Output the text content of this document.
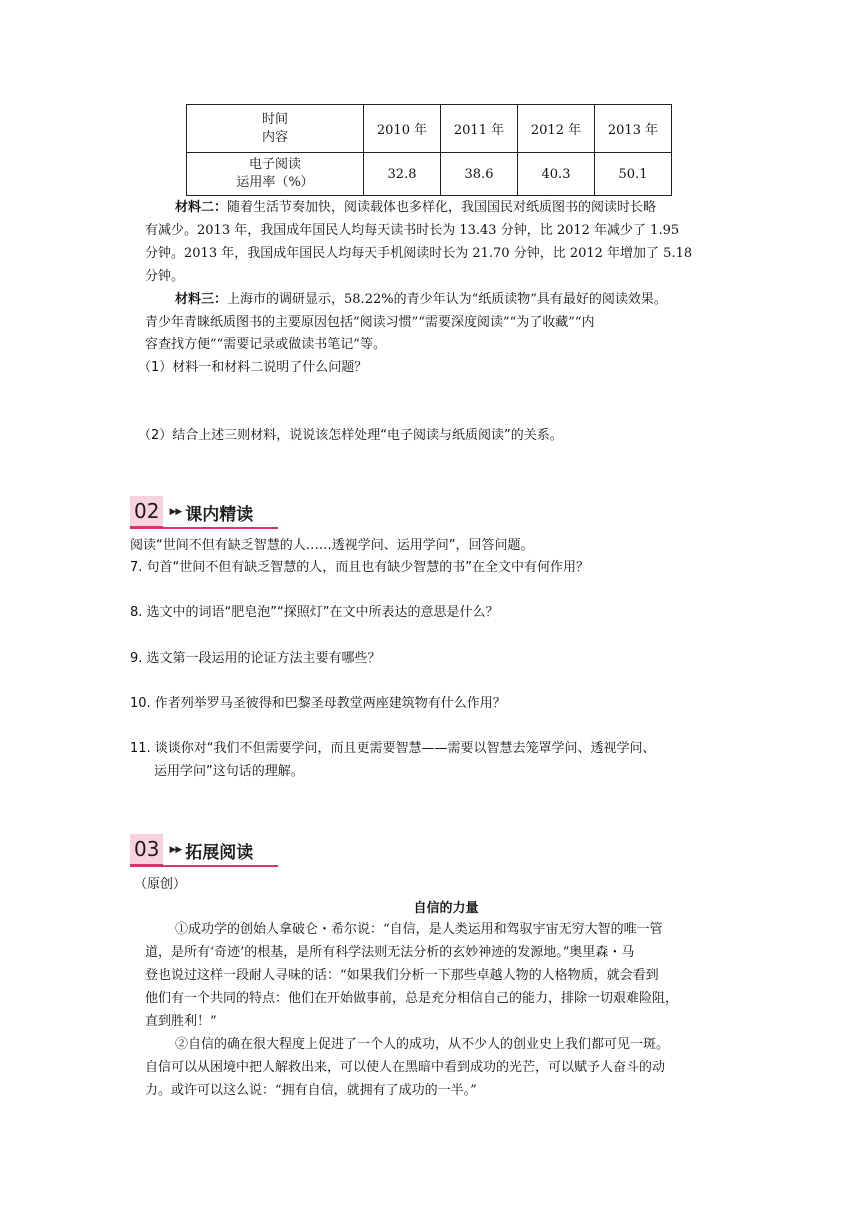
时间
内容	2010 年	2011 年	2012 年	2013 年

电子阅读
运用率（%）	32.8	38.6	40.3	50.1
材料二：随着生活节奏加快，阅读载体也多样化，我国国民对纸质图书的阅读时长略
有减少。2013 年，我国成年国民人均每天读书时长为 13.43 分钟，比 2012 年减少了 1.95
分钟。2013 年，我国成年国民人均每天手机阅读时长为 21.70 分钟，比 2012 年增加了 5.18
分钟。
材料三：上海市的调研显示，58.22%的青少年认为“纸质读物”具有最好的阅读效果。
青少年青睐纸质图书的主要原因包括“阅读习惯”“需要深度阅读”“为了收藏”“内
容查找方便”“需要记录或做读书笔记”等。
（1）材料一和材料二说明了什么问题？
（2）结合上述三则材料，说说该怎样处理“电子阅读与纸质阅读”的关系。
02	▶▶ 课内精读
阅读“世间不但有缺乏智慧的人……透视学问、运用学问”，回答问题。
7. 句首“世间不但有缺乏智慧的人，而且也有缺少智慧的书”在全文中有何作用？
8. 选文中的词语“肥皂泡”“探照灯”在文中所表达的意思是什么？
9. 选文第一段运用的论证方法主要有哪些？
10. 作者列举罗马圣彼得和巴黎圣母教堂两座建筑物有什么作用？
11. 谈谈你对“我们不但需要学问，而且更需要智慧——需要以智慧去笼罩学问、透视学问、
运用学问”这句话的理解。
03	▶▶ 拓展阅读
（原创）
自信的力量
①成功学的创始人拿破仑・希尔说：“自信，是人类运用和驾驭宇宙无穷大智的唯一管
道，是所有‘奇迹’的根基，是所有科学法则无法分析的玄妙神迹的发源地。”奥里森・马
登也说过这样一段耐人寻味的话：“如果我们分析一下那些卓越人物的人格物质，就会看到
他们有一个共同的特点：他们在开始做事前，总是充分相信自己的能力，排除一切艰难险阻，
直到胜利！”
②自信的确在很大程度上促进了一个人的成功，从不少人的创业史上我们都可见一斑。
自信可以从困境中把人解救出来，可以使人在黑暗中看到成功的光芒，可以赋予人奋斗的动
力。或许可以这么说：“拥有自信，就拥有了成功的一半。”
